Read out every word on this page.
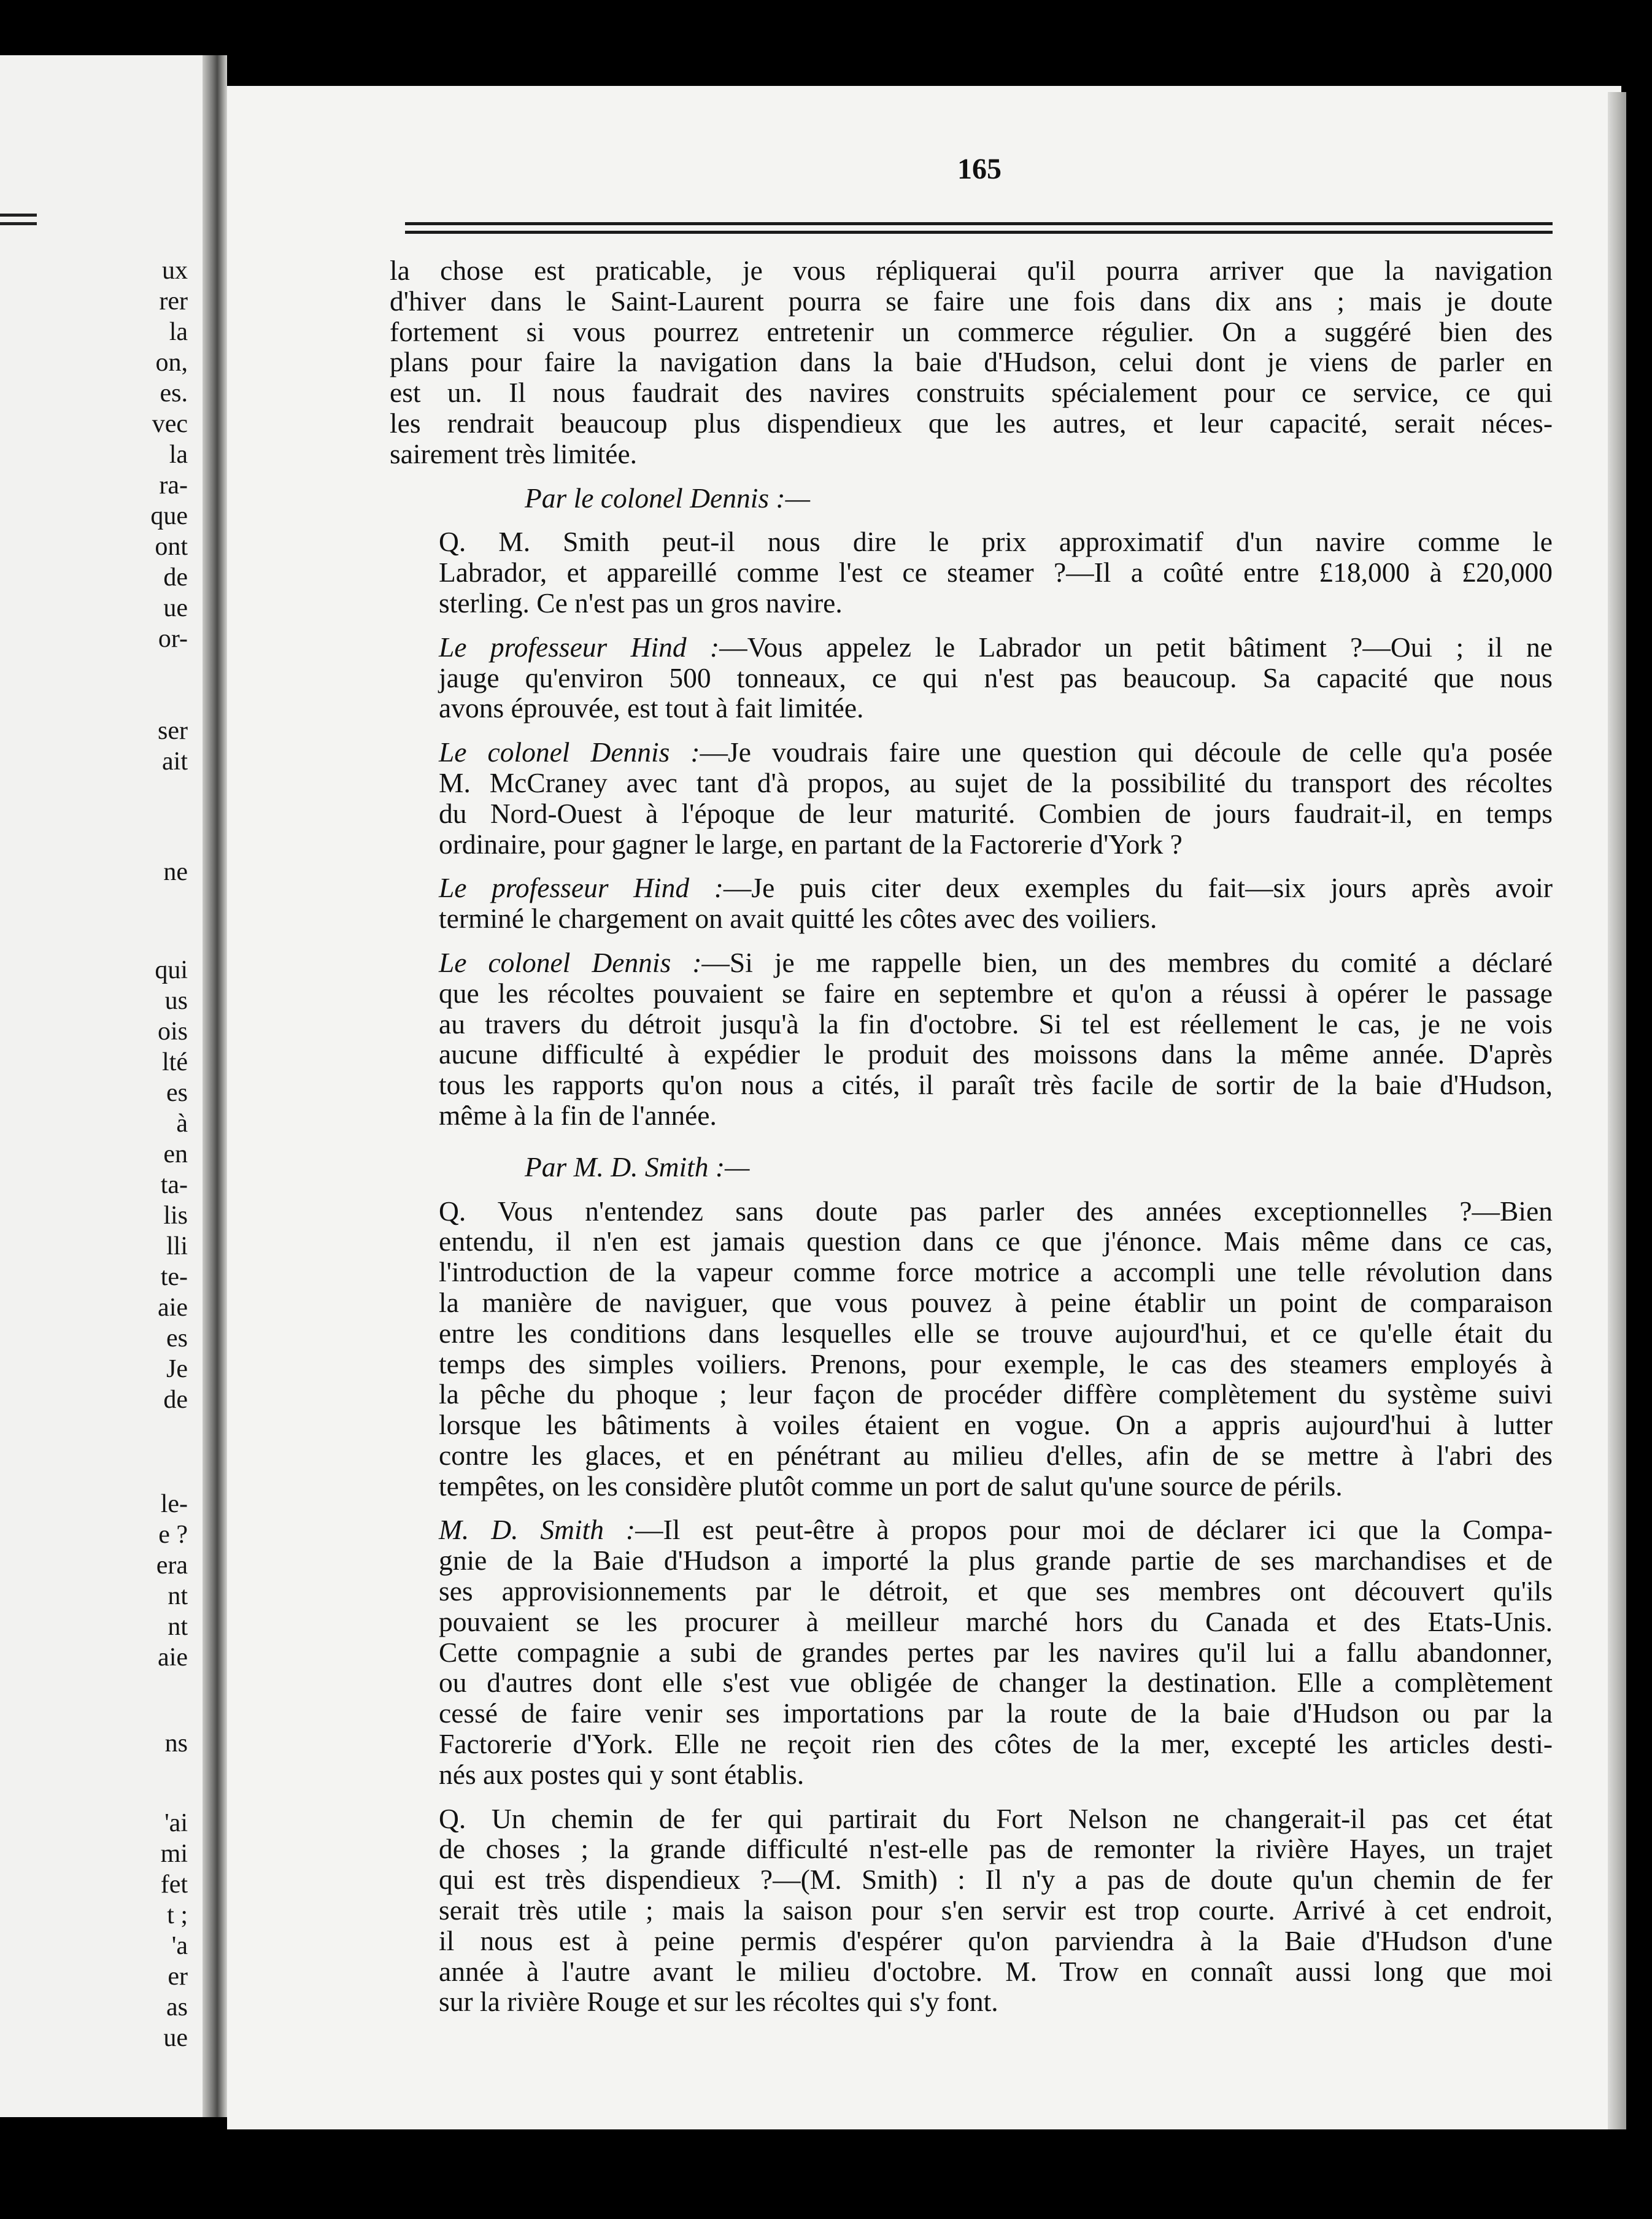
ux
rer
la
on,
es.
vec
la
ra-
que
ont
de
ue
or-
ser
ait
ne
qui
us
ois
lté
es
à
en
ta-
lis
lli
te-
aie
es
Je
de
le-
e ?
era
nt
nt
aie
ns
'ai
mi
fet
t ;
'a
er
as
ue
165

la chose est praticable, je vous répliquerai qu'il pourra arriver que la navigation
d'hiver dans le Saint-Laurent pourra se faire une fois dans dix ans ; mais je doute
fortement si vous pourrez entretenir un commerce régulier. On a suggéré bien des
plans pour faire la navigation dans la baie d'Hudson, celui dont je viens de parler en
est un. Il nous faudrait des navires construits spécialement pour ce service, ce qui
les rendrait beaucoup plus dispendieux que les autres, et leur capacité, serait néces-
sairement très limitée.

Par le colonel Dennis :—

Q. M. Smith peut-il nous dire le prix approximatif d'un navire comme le
Labrador, et appareillé comme l'est ce steamer ?—Il a coûté entre £18,000 à £20,000
sterling. Ce n'est pas un gros navire.

Le professeur Hind :—Vous appelez le Labrador un petit bâtiment ?—Oui ; il ne
jauge qu'environ 500 tonneaux, ce qui n'est pas beaucoup. Sa capacité que nous
avons éprouvée, est tout à fait limitée.

Le colonel Dennis :—Je voudrais faire une question qui découle de celle qu'a posée
M. McCraney avec tant d'à propos, au sujet de la possibilité du transport des récoltes
du Nord-Ouest à l'époque de leur maturité. Combien de jours faudrait-il, en temps
ordinaire, pour gagner le large, en partant de la Factorerie d'York ?

Le professeur Hind :—Je puis citer deux exemples du fait—six jours après avoir
terminé le chargement on avait quitté les côtes avec des voiliers.

Le colonel Dennis :—Si je me rappelle bien, un des membres du comité a déclaré
que les récoltes pouvaient se faire en septembre et qu'on a réussi à opérer le passage
au travers du détroit jusqu'à la fin d'octobre. Si tel est réellement le cas, je ne vois
aucune difficulté à expédier le produit des moissons dans la même année. D'après
tous les rapports qu'on nous a cités, il paraît très facile de sortir de la baie d'Hudson,
même à la fin de l'année.

Par M. D. Smith :—

Q. Vous n'entendez sans doute pas parler des années exceptionnelles ?—Bien
entendu, il n'en est jamais question dans ce que j'énonce. Mais même dans ce cas,
l'introduction de la vapeur comme force motrice a accompli une telle révolution dans
la manière de naviguer, que vous pouvez à peine établir un point de comparaison
entre les conditions dans lesquelles elle se trouve aujourd'hui, et ce qu'elle était du
temps des simples voiliers. Prenons, pour exemple, le cas des steamers employés à
la pêche du phoque ; leur façon de procéder diffère complètement du système suivi
lorsque les bâtiments à voiles étaient en vogue. On a appris aujourd'hui à lutter
contre les glaces, et en pénétrant au milieu d'elles, afin de se mettre à l'abri des
tempêtes, on les considère plutôt comme un port de salut qu'une source de périls.

M. D. Smith :—Il est peut-être à propos pour moi de déclarer ici que la Compa-
gnie de la Baie d'Hudson a importé la plus grande partie de ses marchandises et de
ses approvisionnements par le détroit, et que ses membres ont découvert qu'ils
pouvaient se les procurer à meilleur marché hors du Canada et des Etats-Unis.
Cette compagnie a subi de grandes pertes par les navires qu'il lui a fallu abandonner,
ou d'autres dont elle s'est vue obligée de changer la destination. Elle a complètement
cessé de faire venir ses importations par la route de la baie d'Hudson ou par la
Factorerie d'York. Elle ne reçoit rien des côtes de la mer, excepté les articles desti-
nés aux postes qui y sont établis.

Q. Un chemin de fer qui partirait du Fort Nelson ne changerait-il pas cet état
de choses ; la grande difficulté n'est-elle pas de remonter la rivière Hayes, un trajet
qui est très dispendieux ?—(M. Smith) : Il n'y a pas de doute qu'un chemin de fer
serait très utile ; mais la saison pour s'en servir est trop courte. Arrivé à cet endroit,
il nous est à peine permis d'espérer qu'on parviendra à la Baie d'Hudson d'une
année à l'autre avant le milieu d'octobre. M. Trow en connaît aussi long que moi
sur la rivière Rouge et sur les récoltes qui s'y font.
